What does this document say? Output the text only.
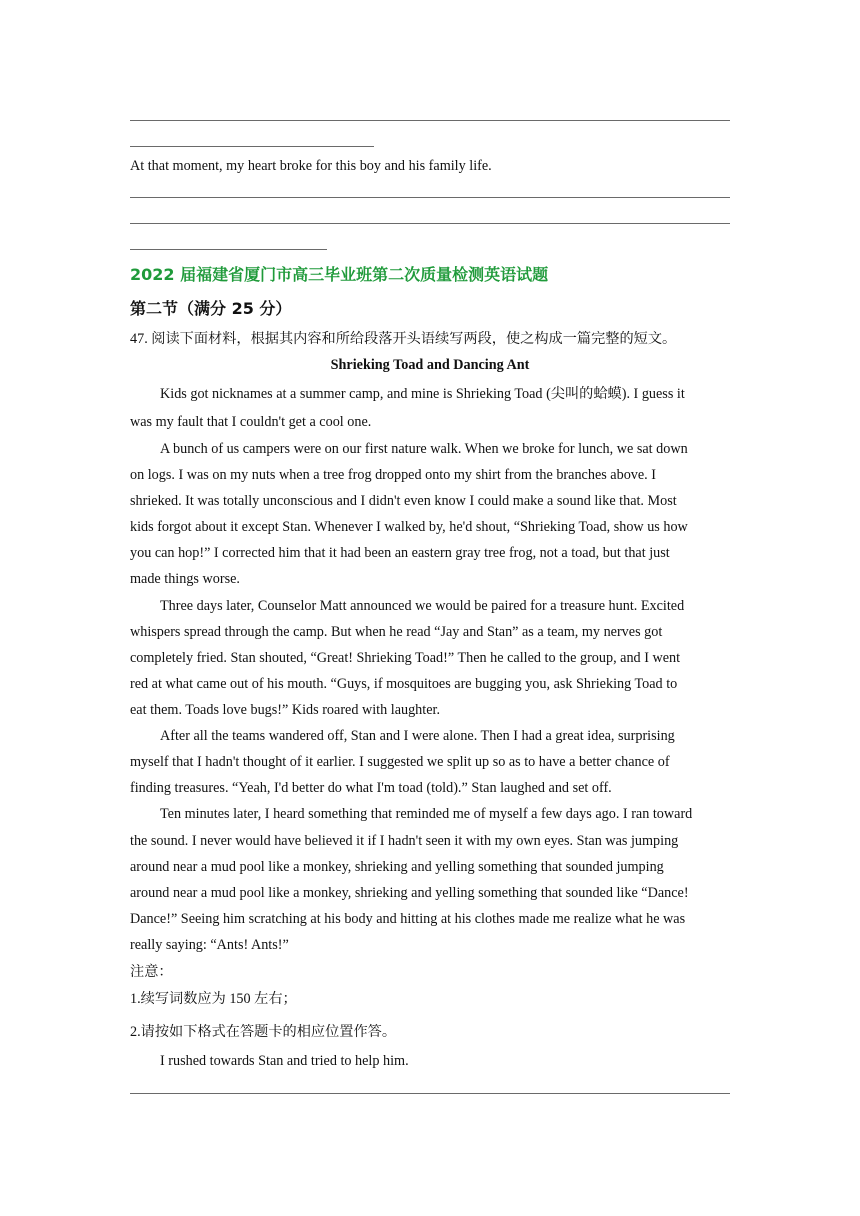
At that moment, my heart broke for this boy and his family life.
2022 届福建省厦门市高三毕业班第二次质量检测英语试题
第二节（满分 25 分）
47. 阅读下面材料，根据其内容和所给段落开头语续写两段，使之构成一篇完整的短文。
Shrieking Toad and Dancing Ant
Kids got nicknames at a summer camp, and mine is Shrieking Toad (尖叫的蛤蟆). I guess it
was my fault that I couldn't get a cool one.
A bunch of us campers were on our first nature walk. When we broke for lunch, we sat down
on logs. I was on my nuts when a tree frog dropped onto my shirt from the branches above. I
shrieked. It was totally unconscious and I didn't even know I could make a sound like that. Most
kids forgot about it except Stan. Whenever I walked by, he'd shout, “Shrieking Toad, show us how
you can hop!” I corrected him that it had been an eastern gray tree frog, not a toad, but that just
made things worse.
Three days later, Counselor Matt announced we would be paired for a treasure hunt. Excited
whispers spread through the camp. But when he read “Jay and Stan” as a team, my nerves got
completely fried. Stan shouted, “Great! Shrieking Toad!” Then he called to the group, and I went
red at what came out of his mouth. “Guys, if mosquitoes are bugging you, ask Shrieking Toad to
eat them. Toads love bugs!” Kids roared with laughter.
After all the teams wandered off, Stan and I were alone. Then I had a great idea, surprising
myself that I hadn't thought of it earlier. I suggested we split up so as to have a better chance of
finding treasures. “Yeah, I'd better do what I'm toad (told).” Stan laughed and set off.
Ten minutes later, I heard something that reminded me of myself a few days ago. I ran toward
the sound. I never would have believed it if I hadn't seen it with my own eyes. Stan was jumping
around near a mud pool like a monkey, shrieking and yelling something that sounded jumping
around near a mud pool like a monkey, shrieking and yelling something that sounded like “Dance!
Dance!” Seeing him scratching at his body and hitting at his clothes made me realize what he was
really saying: “Ants! Ants!”
注意：
1.续写词数应为 150 左右；
2.请按如下格式在答题卡的相应位置作答。
I rushed towards Stan and tried to help him.
